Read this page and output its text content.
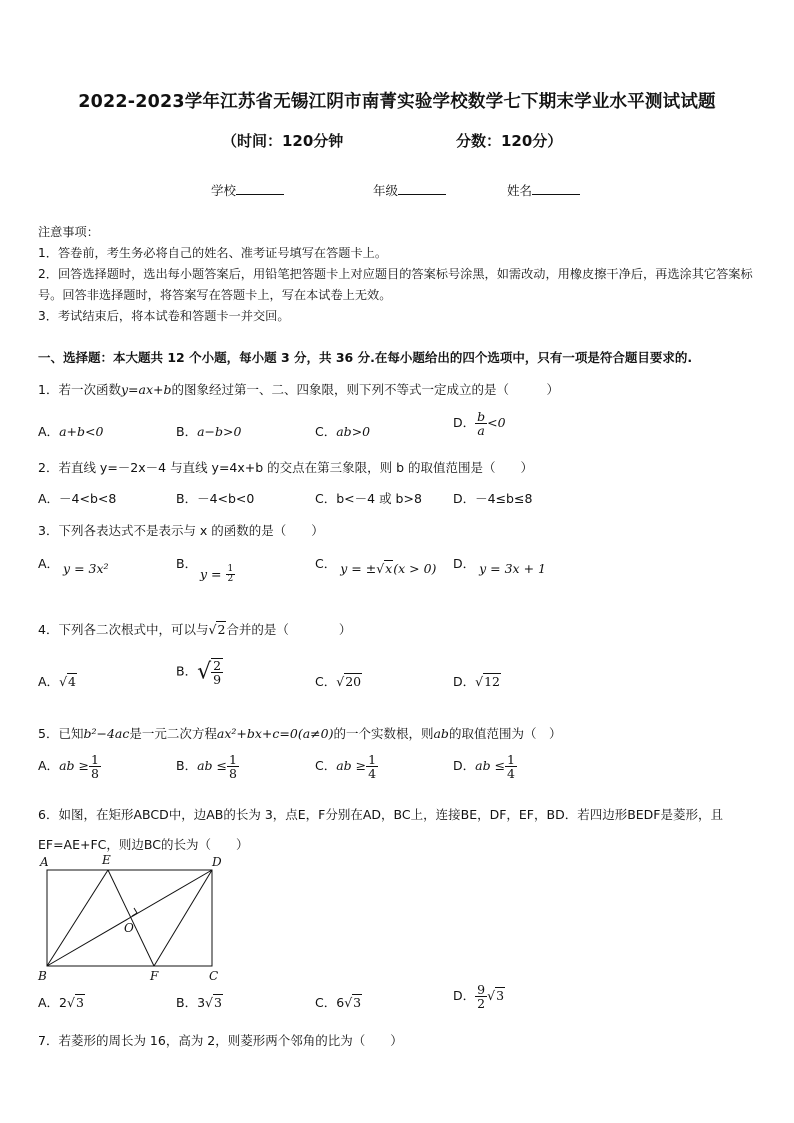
2022-2023学年江苏省无锡江阴市南菁实验学校数学七下期末学业水平测试试题
（时间：120分钟	分数：120分）
学校	年级	姓名
注意事项：
1．答卷前，考生务必将自己的姓名、准考证号填写在答题卡上。
2．回答选择题时，选出每小题答案后，用铅笔把答题卡上对应题目的答案标号涂黑，如需改动，用橡皮擦干净后，再选涂其它答案标号。回答非选择题时，将答案写在答题卡上，写在本试卷上无效。
3．考试结束后，将本试卷和答题卡一并交回。
一、选择题：本大题共 12 个小题，每小题 3 分，共 36 分.在每小题给出的四个选项中，只有一项是符合题目要求的.
1．若一次函数y=ax+b的图象经过第一、二、四象限，则下列不等式一定成立的是（　　　）
A．a+b<0	B．a−b>0	C．ab>0
D． $\frac{b}{a} <0$
2．若直线 y=－2x－4 与直线 y=4x+b 的交点在第三象限，则 b 的取值范围是（　　）
A．－4<b<8	B．－4<b<0	C．b<－4 或 b>8 D．－4≤b≤8
3．下列各表达式不是表示与 x 的函数的是（　　）
A． y = 3x²	B．
$y = \frac{1}{2}$
C． y = ±√x(x > 0) D． y = 3x + 1
4．下列各二次根式中，可以与√2合并的是（　　　　）
A．√4
B．√ $\frac{2}{9}$	C．√20	D．√12
5．已知b²−4ac是一元二次方程ax²+bx+c=0(a≠0)的一个实数根，则ab的取值范围为（　）
A．ab ≥ $\frac{1}{8}$	B．ab ≤ $\frac{1}{8}$	C．ab ≥ $\frac{1}{4}$	D．ab ≤ $\frac{1}{4}$
6．如图，在矩形ABCD中，边AB的长为 3，点E，F分别在AD，BC上，连接BE，DF，EF，BD．若四边形BEDF是菱形，且EF=AE+FC，则边BC的长为（　　）
A	E	D
O
B	F	C
A．2√3	B．3√3	C．6√3	D． $\frac{9}{2} √3$
7．若菱形的周长为 16，高为 2，则菱形两个邻角的比为（　　）
